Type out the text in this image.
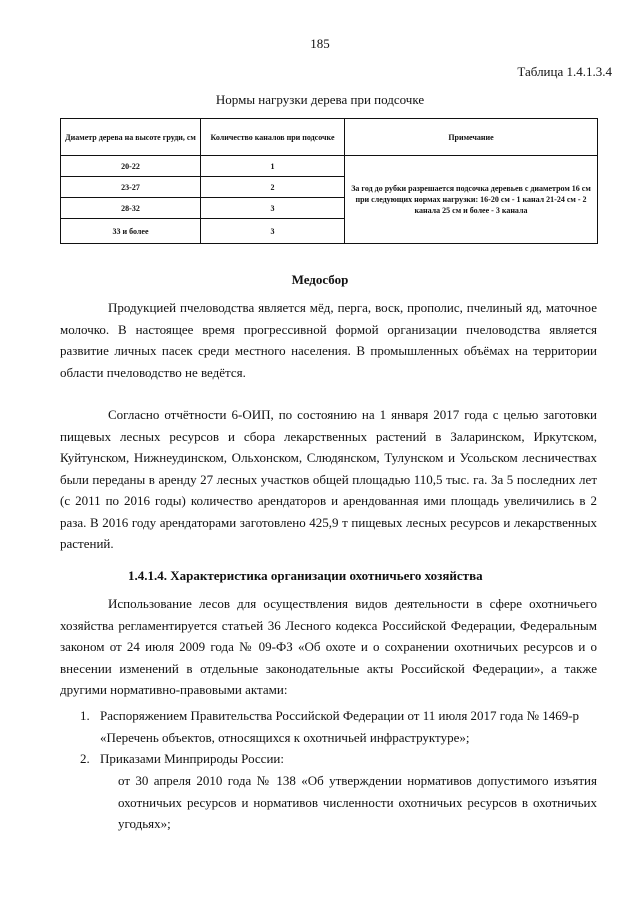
185
Таблица 1.4.1.3.4
Нормы нагрузки дерева при подсочке
Диаметр дерева на высоте груди, см	Количество каналов при подсочке	Примечание
20-22	1	За год до рубки разрешается подсочка деревьев с диаметром 16 см при следующих нормах нагрузки: 16-20 см - 1 канал 21-24 см - 2 канала 25 см и более - 3 канала
23-27	2	
28-32	3	
33 и более	3	
Медосбор

Продукцией пчеловодства является мёд, перга, воск, прополис, пчелиный яд, маточное молочко. В настоящее время прогрессивной формой организации пчеловодства является развитие личных пасек среди местного населения. В промышленных объёмах на территории области пчеловодство не ведётся.

Согласно отчётности 6-ОИП, по состоянию на 1 января 2017 года с целью заготовки пищевых лесных ресурсов и сбора лекарственных растений в Заларинском, Иркутском, Куйтунском, Нижнеудинском, Ольхонском, Слюдянском, Тулунском и Усольском лесничествах были переданы в аренду 27 лесных участков общей площадью 110,5 тыс. га. За 5 последних лет (с 2011 по 2016 годы) количество арендаторов и арендованная ими площадь увеличились в 2 раза. В 2016 году арендаторами заготовлено 425,9 т пищевых лесных ресурсов и лекарственных растений.

1.4.1.4. Характеристика организации охотничьего хозяйства

Использование лесов для осуществления видов деятельности в сфере охотничьего хозяйства регламентируется статьей 36 Лесного кодекса Российской Федерации, Федеральным законом от 24 июля 2009 года № 09-ФЗ «Об охоте и о сохранении охотничьих ресурсов и о внесении изменений в отдельные законодательные акты Российской Федерации», а также другими нормативно-правовыми актами:

1. Распоряжением Правительства Российской Федерации от 11 июля 2017 года № 1469-р «Перечень объектов, относящихся к охотничьей инфраструктуре»;
2. Приказами Минприроды России:

от 30 апреля 2010 года № 138 «Об утверждении нормативов допустимого изъятия охотничьих ресурсов и нормативов численности охотничьих ресурсов в охотничьих угодьях»;
